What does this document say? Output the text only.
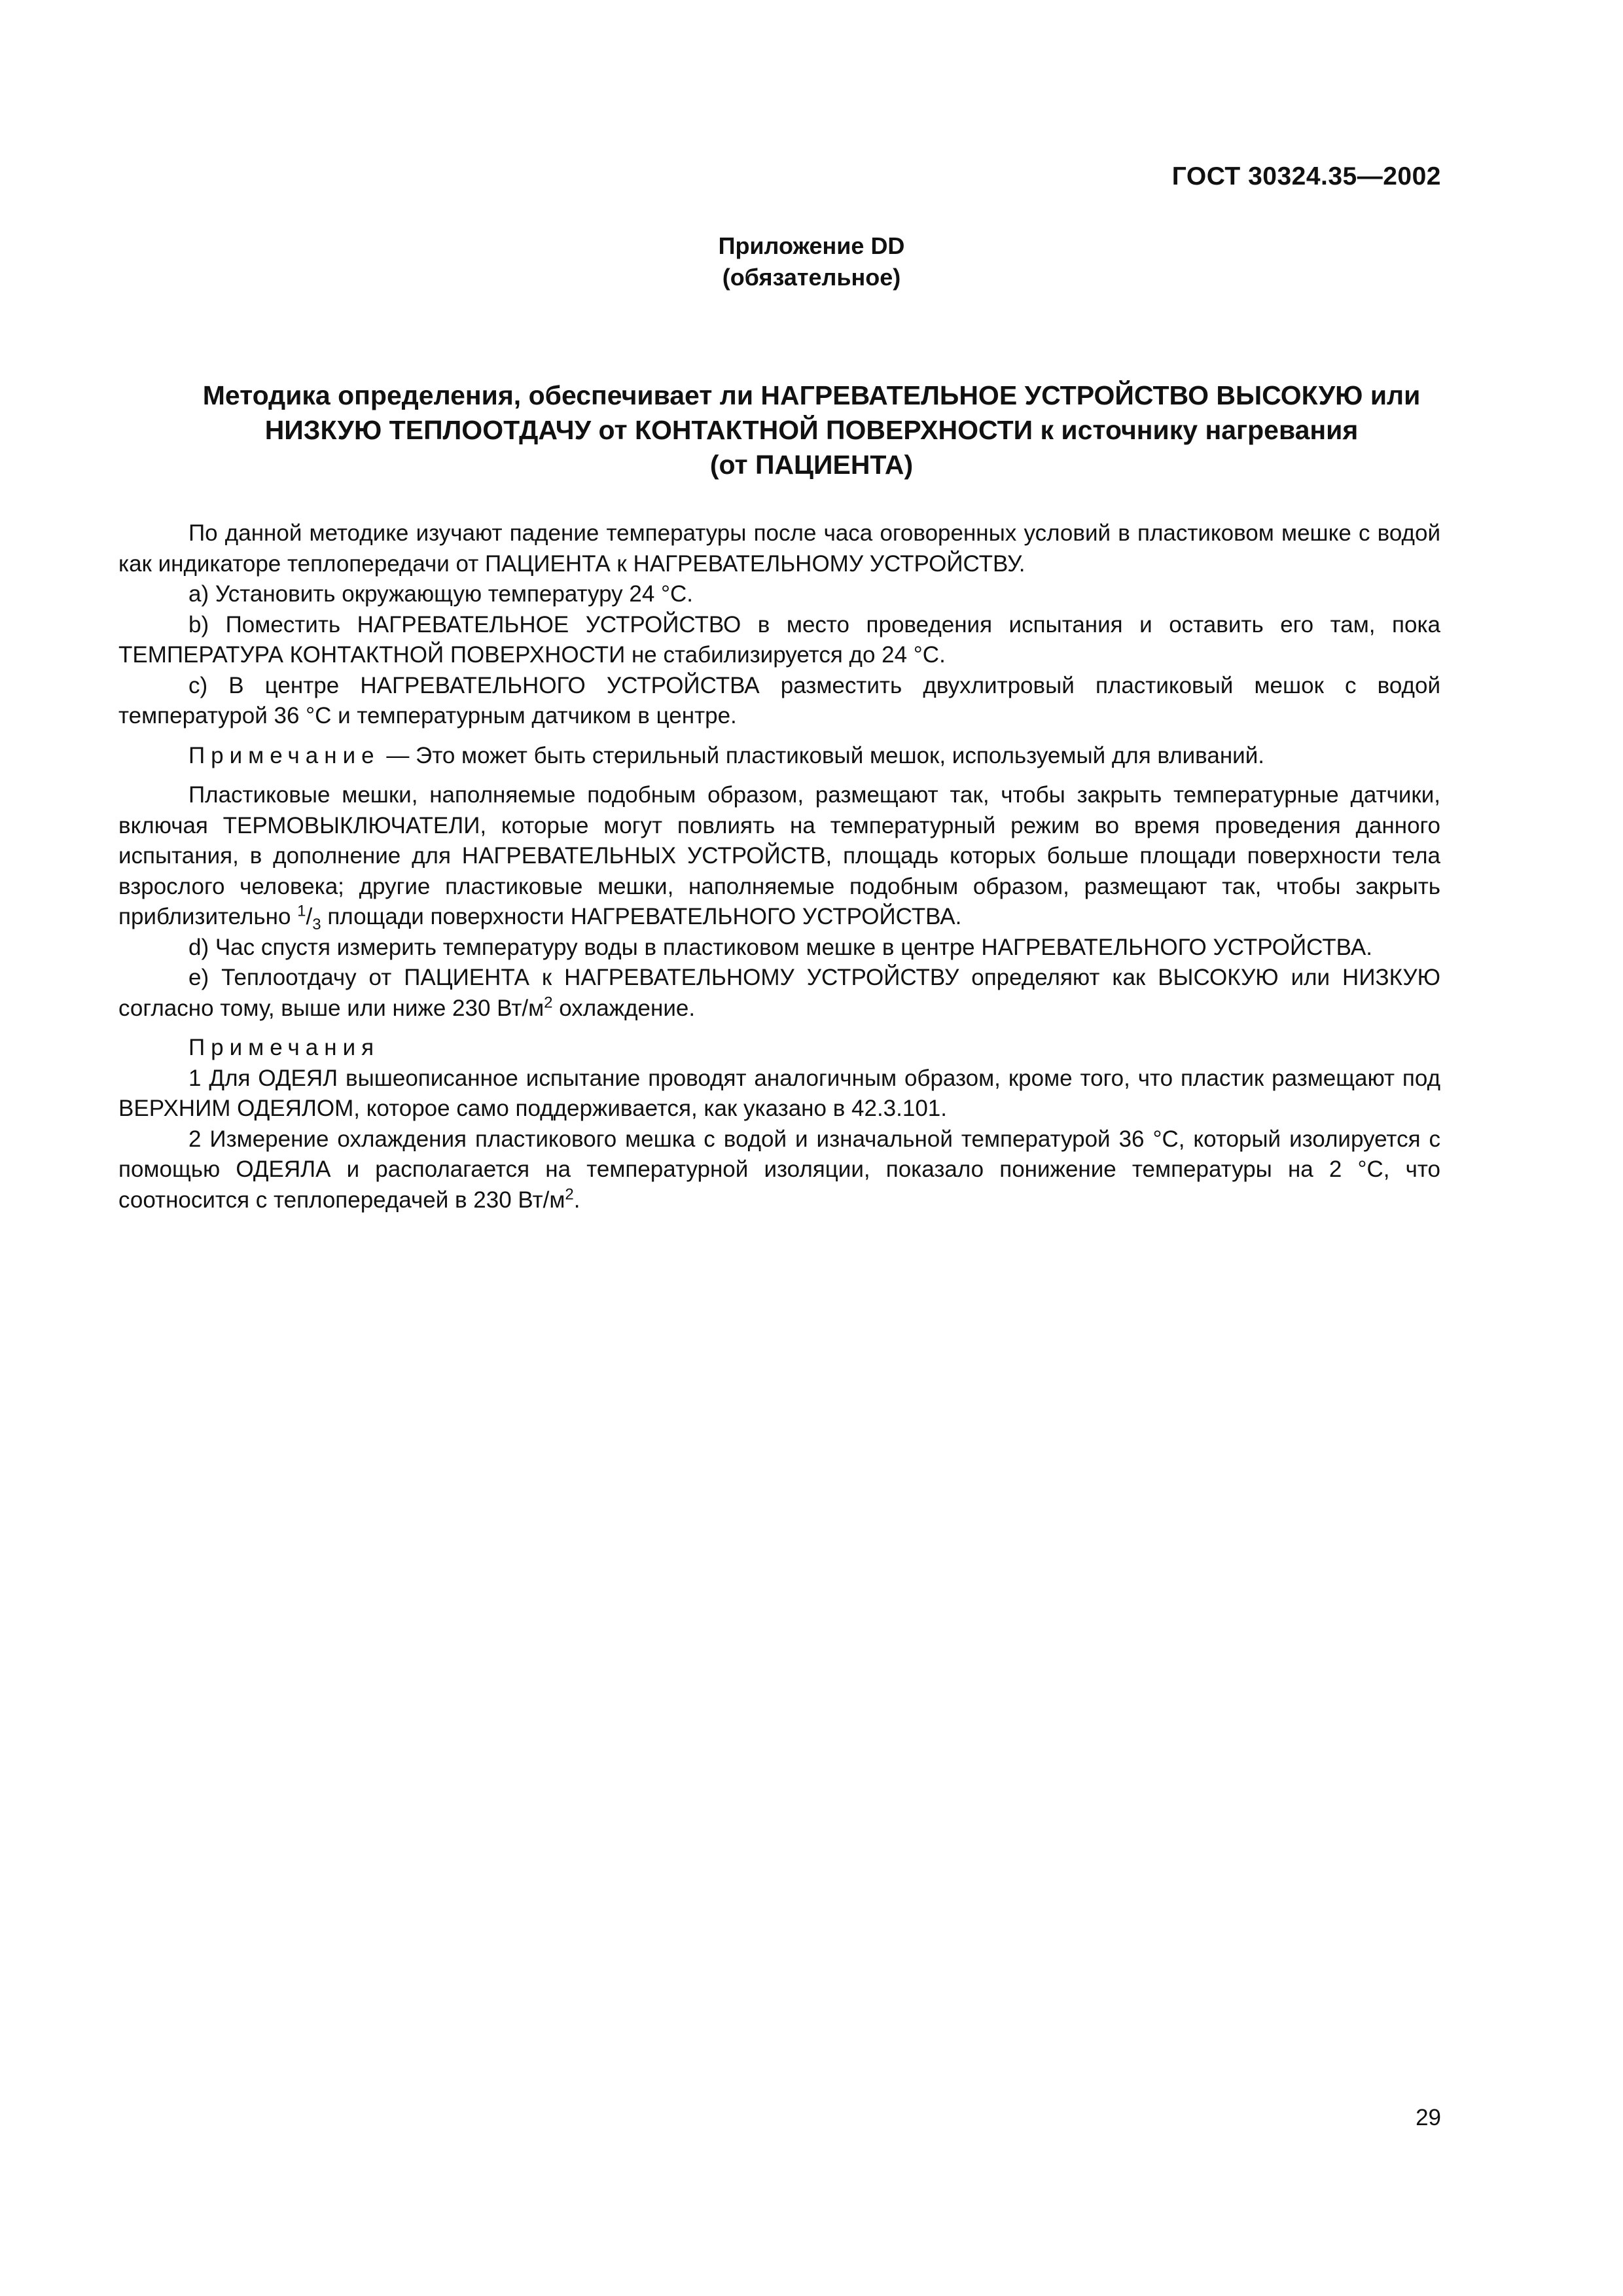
ГОСТ 30324.35—2002
Приложение DD
(обязательное)
Методика определения, обеспечивает ли НАГРЕВАТЕЛЬНОЕ УСТРОЙСТВО ВЫСОКУЮ или
НИЗКУЮ ТЕПЛООТДАЧУ от КОНТАКТНОЙ ПОВЕРХНОСТИ к источнику нагревания
(от ПАЦИЕНТА)

По данной методике изучают падение температуры после часа оговоренных условий в пластиковом мешке с водой как индикаторе теплопередачи от ПАЦИЕНТА к НАГРЕВАТЕЛЬНОМУ УСТРОЙСТВУ.

а) Установить окружающую температуру 24 °С.

b) Поместить НАГРЕВАТЕЛЬНОЕ УСТРОЙСТВО в место проведения испытания и оставить его там, пока ТЕМПЕРАТУРА КОНТАКТНОЙ ПОВЕРХНОСТИ не стабилизируется до 24 °С.

с) В центре НАГРЕВАТЕЛЬНОГО УСТРОЙСТВА разместить двухлитровый пластиковый мешок с водой температурой 36 °С и температурным датчиком в центре.

Примечание — Это может быть стерильный пластиковый мешок, используемый для вливаний.

Пластиковые мешки, наполняемые подобным образом, размещают так, чтобы закрыть температурные датчики, включая ТЕРМОВЫКЛЮЧАТЕЛИ, которые могут повлиять на температурный режим во время проведения данного испытания, в дополнение для НАГРЕВАТЕЛЬНЫХ УСТРОЙСТВ, площадь которых больше площади поверхности тела взрослого человека; другие пластиковые мешки, наполняемые подобным образом, размещают так, чтобы закрыть приблизительно $^1/_3$ площади поверхности НАГРЕВАТЕЛЬНОГО УСТРОЙСТВА.

d) Час спустя измерить температуру воды в пластиковом мешке в центре НАГРЕВАТЕЛЬНОГО УСТРОЙСТВА.

е) Теплоотдачу от ПАЦИЕНТА к НАГРЕВАТЕЛЬНОМУ УСТРОЙСТВУ определяют как ВЫСОКУЮ или НИЗКУЮ согласно тому, выше или ниже 230 $Вт/м^2$ охлаждение.

Примечания

1 Для ОДЕЯЛ вышеописанное испытание проводят аналогичным образом, кроме того, что пластик размещают под ВЕРХНИМ ОДЕЯЛОМ, которое само поддерживается, как указано в 42.3.101.

2 Измерение охлаждения пластикового мешка с водой и изначальной температурой 36 °С, который изолируется с помощью ОДЕЯЛА и располагается на температурной изоляции, показало понижение температуры на 2 °С, что соотносится с теплопередачей в 230 $Вт/м^2$.

29
